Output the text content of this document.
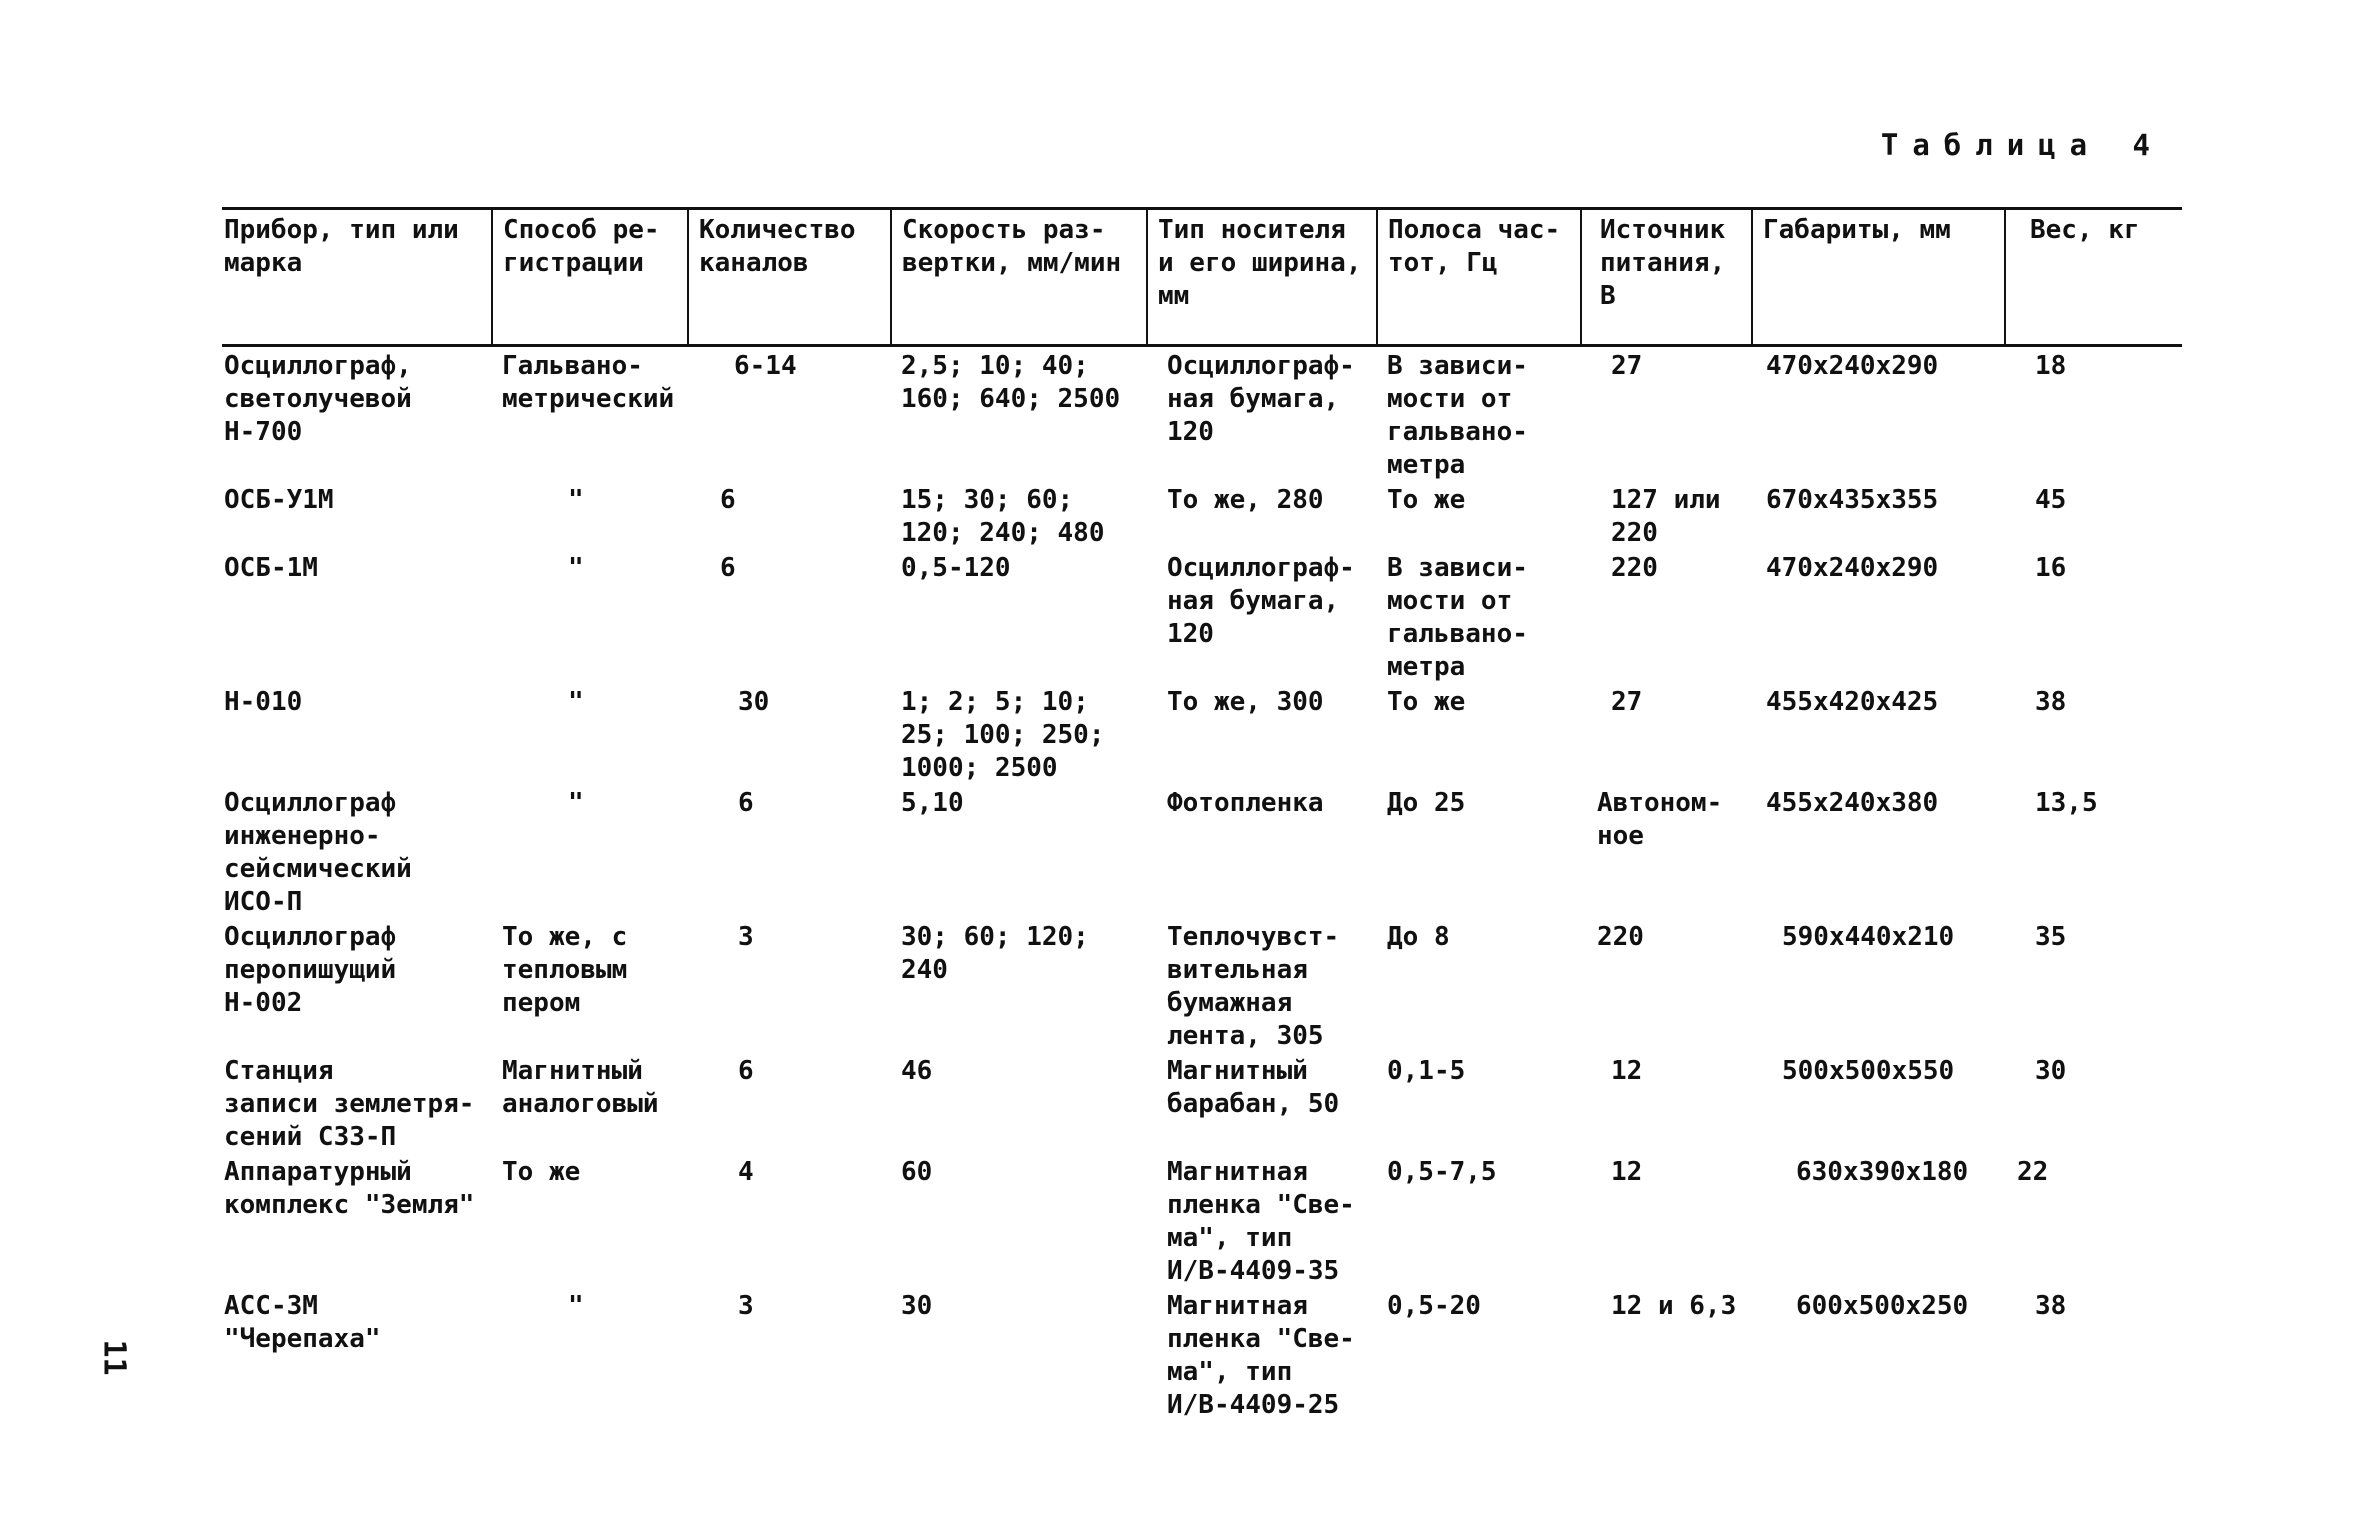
Таблица 4
Прибор, тип или
марка	Способ ре-
гистрации	Количество
каналов	Скорость раз-
вертки, мм/мин	Тип носителя
и его ширина,
мм	Полоса час-
тот, Гц	Источник
питания,
В	Габариты, мм	Вес, кг
Осциллограф,
светолучевой
Н-700	Гальвано-
метрический	6-14	2,5; 10; 40;
160; 640; 2500	Осциллограф-
ная бумага,
120	В зависи-
мости от
гальвано-
метра	27	470x240x290	18
ОСБ-У1М	"	6	15; 30; 60;
120; 240; 480	То же, 280	То же	127 или
220	670x435x355	45
ОСБ-1М	"	6	0,5-120	Осциллограф-
ная бумага,
120	В зависи-
мости от
гальвано-
метра	220	470x240x290	16
Н-010	"	30	1; 2; 5; 10;
25; 100; 250;
1000; 2500	То же, 300	То же	27	455x420x425	38
Осциллограф
инженерно-
сейсмический
ИСО-П	"	6	5,10	Фотопленка	До 25	Автоном-
ное	455x240x380	13,5
Осциллограф
перопишущий
Н-002	То же, с
тепловым
пером	3	30; 60; 120;
240	Теплочувст-
вительная
бумажная
лента, 305	До 8	220	590x440x210	35
Станция
записи землетря-
сений СЗЗ-П	Магнитный
аналоговый	6	46	Магнитный
барабан, 50	0,1-5	12	500x500x550	30
Аппаратурный
комплекс "Земля"	То же	4	60	Магнитная
пленка "Све-
ма", тип
И/В-4409-35	0,5-7,5	12	630x390x180	22
АСС-3М "Черепаха"	"	3	30	Магнитная
пленка "Све-
ма", тип
И/В-4409-25	0,5-20	12 и 6,3	600x500x250	38
11
